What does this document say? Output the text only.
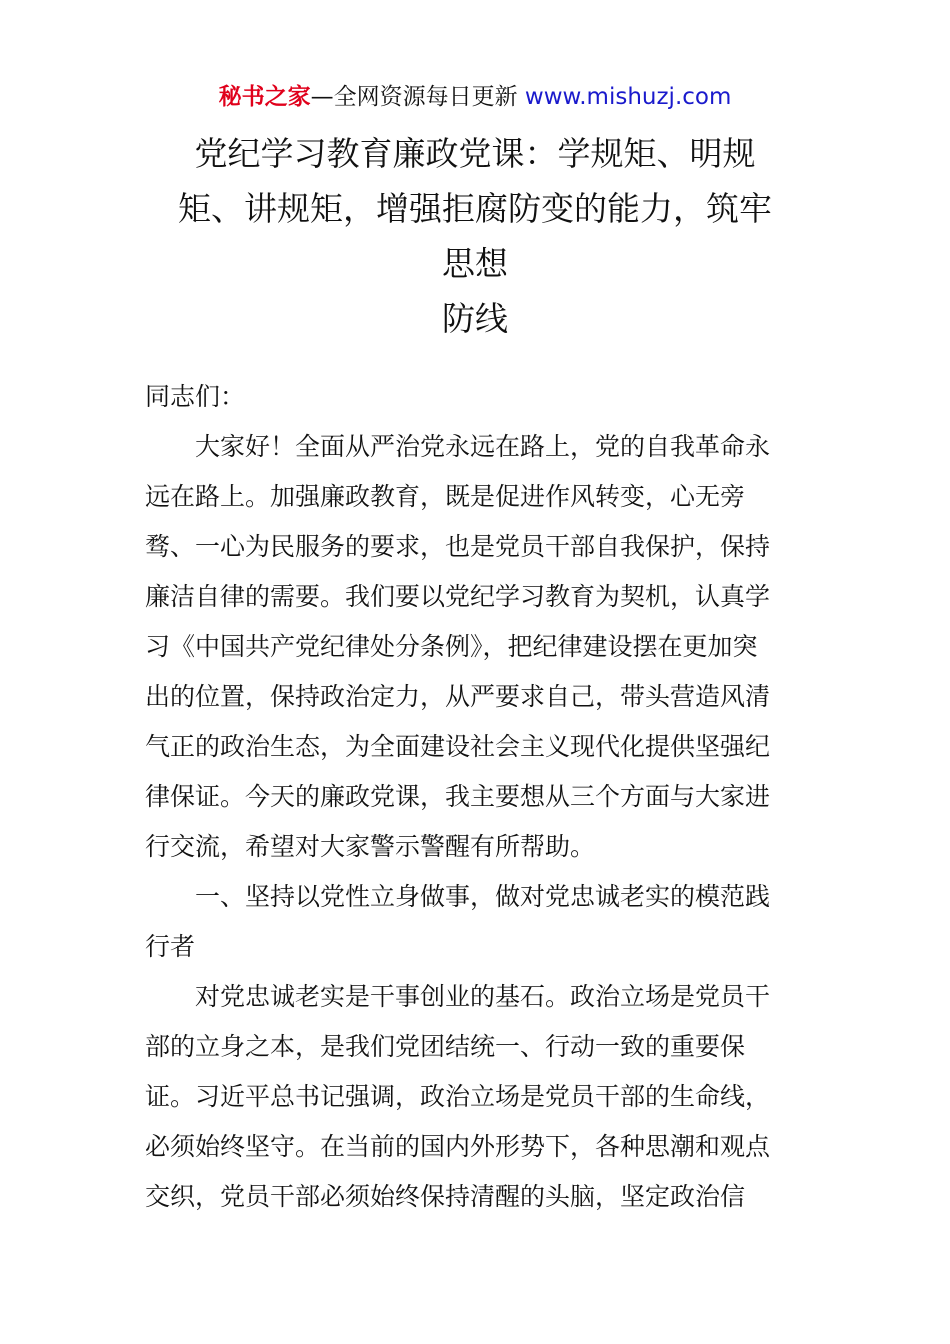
秘书之家—全网资源每日更新 www.mishuzj.com
党纪学习教育廉政党课：学规矩、明规
矩、讲规矩，增强拒腐防变的能力，筑牢
思想
防线
同志们：
大家好！全面从严治党永远在路上，党的自我革命永
远在路上。加强廉政教育，既是促进作风转变，心无旁
骛、一心为民服务的要求，也是党员干部自我保护，保持
廉洁自律的需要。我们要以党纪学习教育为契机，认真学
习《中国共产党纪律处分条例》，把纪律建设摆在更加突
出的位置，保持政治定力，从严要求自己，带头营造风清
气正的政治生态，为全面建设社会主义现代化提供坚强纪
律保证。今天的廉政党课，我主要想从三个方面与大家进
行交流，希望对大家警示警醒有所帮助。
一、坚持以党性立身做事，做对党忠诚老实的模范践
行者
对党忠诚老实是干事创业的基石。政治立场是党员干
部的立身之本，是我们党团结统一、行动一致的重要保
证。习近平总书记强调，政治立场是党员干部的生命线，
必须始终坚守。在当前的国内外形势下，各种思潮和观点
交织，党员干部必须始终保持清醒的头脑，坚定政治信
